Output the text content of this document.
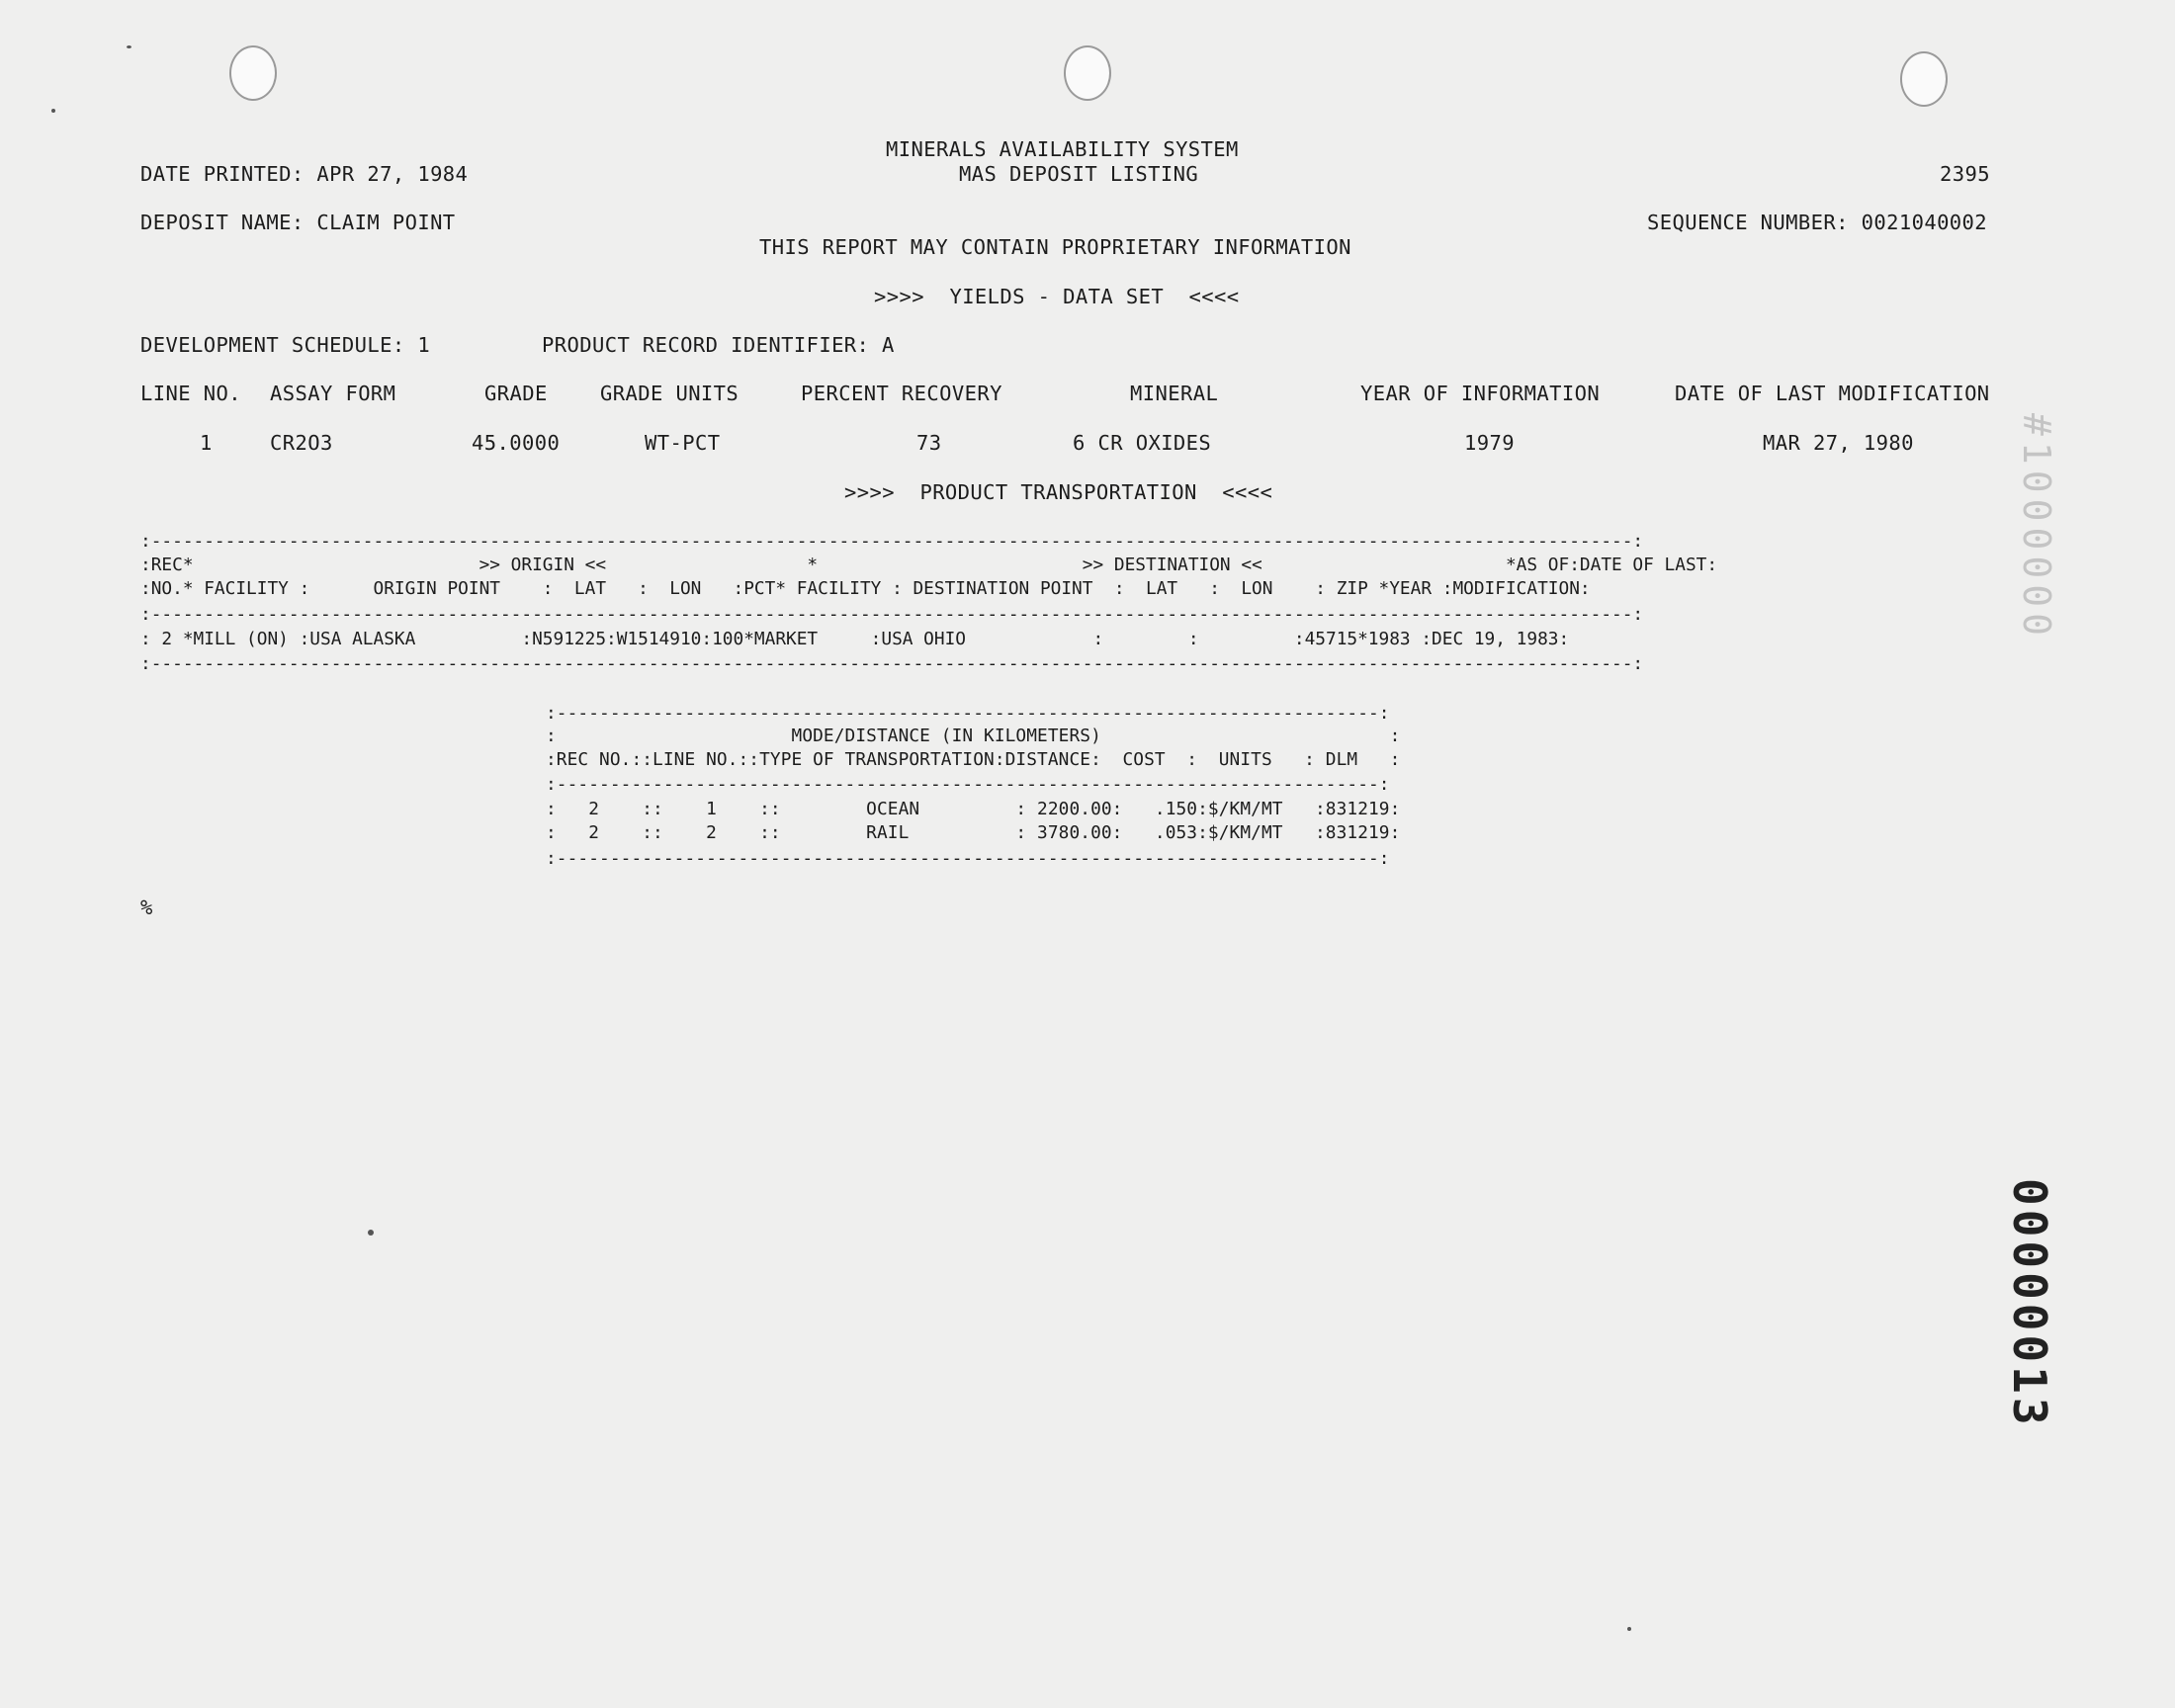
MINERALS AVAILABILITY SYSTEM
DATE PRINTED: APR 27, 1984	MAS DEPOSIT LISTING	2395
DEPOSIT NAME: CLAIM POINT	SEQUENCE NUMBER: 0021040002
THIS REPORT MAY CONTAIN PROPRIETARY INFORMATION
>>>>  YIELDS - DATA SET  <<<<
DEVELOPMENT SCHEDULE: 1	PRODUCT RECORD IDENTIFIER: A
LINE NO. ASSAY FORM	GRADE	GRADE UNITS	PERCENT RECOVERY	MINERAL	YEAR OF INFORMATION	DATE OF LAST MODIFICATION
1	CR2O3	45.0000	WT-PCT	73	6 CR OXIDES	1979	MAR 27, 1980
>>>>  PRODUCT TRANSPORTATION  <<<<
:--------------------------------------------------------------------------------------------------------------------------------------------:
:REC*                           >> ORIGIN <<                   *                         >> DESTINATION <<                       *AS OF:DATE OF LAST:
:NO.* FACILITY :      ORIGIN POINT    :  LAT   :  LON   :PCT* FACILITY : DESTINATION POINT  :  LAT   :  LON    : ZIP *YEAR :MODIFICATION:
:--------------------------------------------------------------------------------------------------------------------------------------------:
: 2 *MILL (ON) :USA ALASKA          :N591225:W1514910:100*MARKET     :USA OHIO            :        :         :45715*1983 :DEC 19, 1983:
:--------------------------------------------------------------------------------------------------------------------------------------------:
:-----------------------------------------------------------------------------:
:                      MODE/DISTANCE (IN KILOMETERS)                           :
:REC NO.::LINE NO.::TYPE OF TRANSPORTATION:DISTANCE:  COST  :  UNITS   : DLM   :
:-----------------------------------------------------------------------------:
:   2    ::    1    ::        OCEAN         : 2200.00:   .150:$/KM/MT   :831219:
:   2    ::    2    ::        RAIL          : 3780.00:   .053:$/KM/MT   :831219:
:-----------------------------------------------------------------------------:
%
#1000000
00000013
